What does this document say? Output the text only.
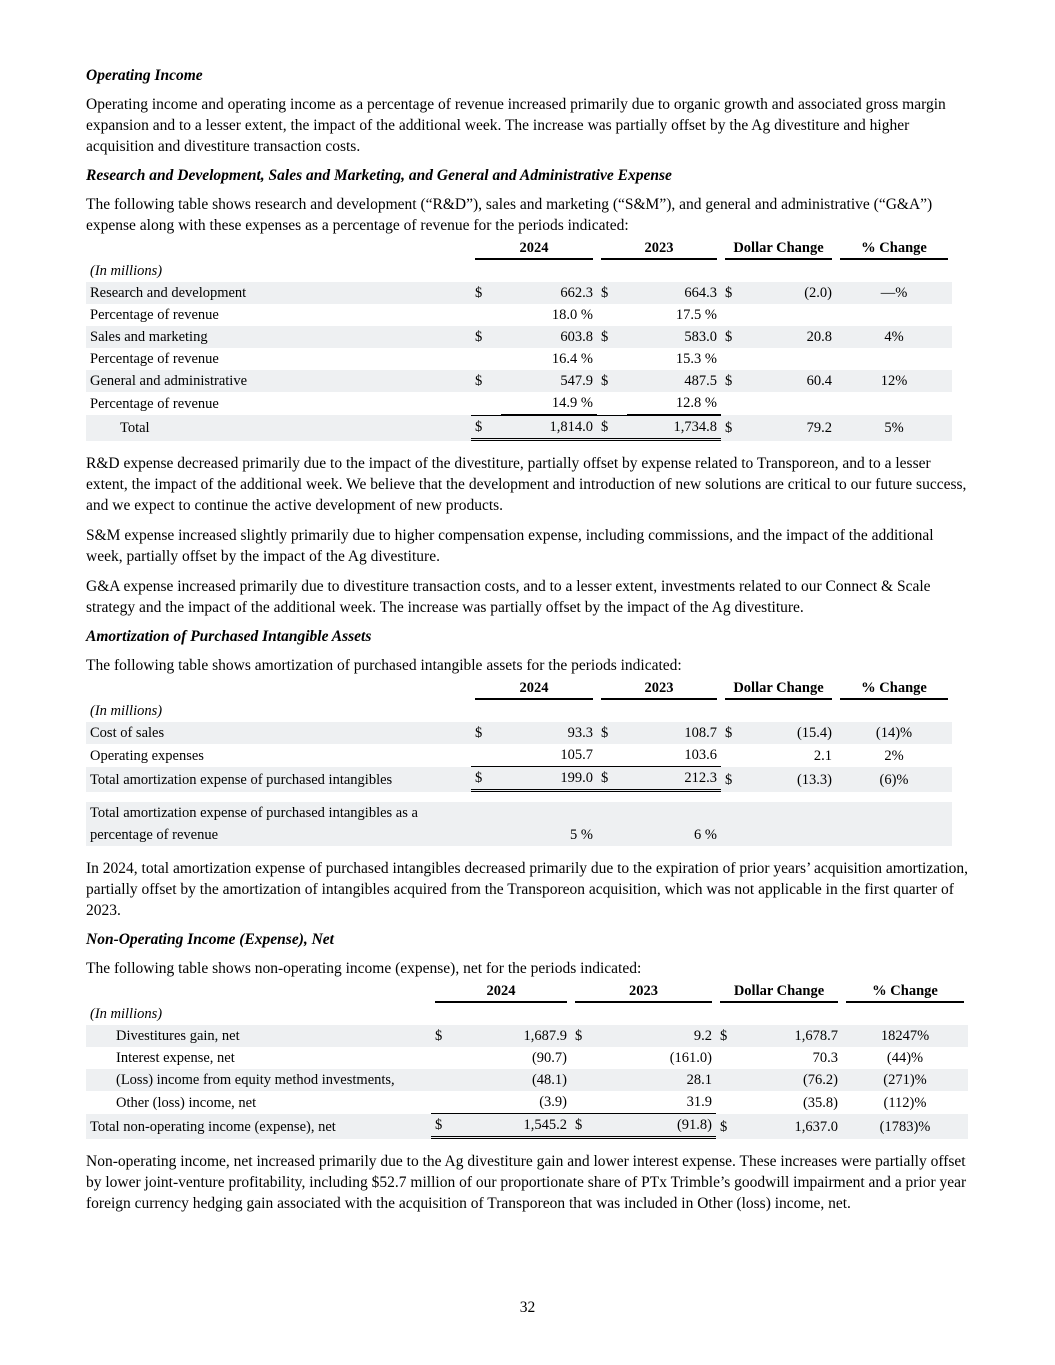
Operating Income

Operating income and operating income as a percentage of revenue increased primarily due to organic growth and associated gross margin expansion and to a lesser extent, the impact of the additional week. The increase was partially offset by the Ag divestiture and higher acquisition and divestiture transaction costs.

Research and Development, Sales and Marketing, and General and Administrative Expense

The following table shows research and development (“R&D”), sales and marketing (“S&M”), and general and administrative (“G&A”) expense along with these expenses as a percentage of revenue for the periods indicated:

	2024		2023		Dollar Change		% Change

(In millions)							
Research and development	$	662.3	$	664.3	$	(2.0)	—%
Percentage of revenue		18.0 %		17.5 %			
Sales and marketing	$	603.8	$	583.0	$	20.8	4%
Percentage of revenue		16.4 %		15.3 %			
General and administrative	$	547.9	$	487.5	$	60.4	12%
Percentage of revenue		14.9 %		12.8 %			
Total	$	1,814.0	$	1,734.8	$	79.2	5%

R&D expense decreased primarily due to the impact of the divestiture, partially offset by expense related to Transporeon, and to a lesser extent, the impact of the additional week. We believe that the development and introduction of new solutions are critical to our future success, and we expect to continue the active development of new products.

S&M expense increased slightly primarily due to higher compensation expense, including commissions, and the impact of the additional week, partially offset by the impact of the Ag divestiture.

G&A expense increased primarily due to divestiture transaction costs, and to a lesser extent, investments related to our Connect & Scale strategy and the impact of the additional week. The increase was partially offset by the impact of the Ag divestiture.

Amortization of Purchased Intangible Assets

The following table shows amortization of purchased intangible assets for the periods indicated:

	2024		2023		Dollar Change		% Change

(In millions)							
Cost of sales	$	93.3	$	108.7	$	(15.4)	(14)%
Operating expenses		105.7		103.6		2.1	2%
Total amortization expense of purchased intangibles	$	199.0	$	212.3	$	(13.3)	(6)%

Total amortization expense of purchased intangibles as a
percentage of revenue		5 %		6 %			

In 2024, total amortization expense of purchased intangibles decreased primarily due to the expiration of prior years’ acquisition amortization, partially offset by the amortization of intangibles acquired from the Transporeon acquisition, which was not applicable in the first quarter of 2023.

Non-Operating Income (Expense), Net

The following table shows non-operating income (expense), net for the periods indicated:

	2024		2023		Dollar Change		% Change

(In millions)							
Divestitures gain, net	$	1,687.9	$	9.2	$	1,678.7	18247%
Interest expense, net		(90.7)		(161.0)		70.3	(44)%
(Loss) income from equity method investments,		(48.1)		28.1		(76.2)	(271)%
Other (loss) income, net		(3.9)		31.9		(35.8)	(112)%
Total non-operating income (expense), net	$	1,545.2	$	(91.8)	$	1,637.0	(1783)%

Non-operating income, net increased primarily due to the Ag divestiture gain and lower interest expense. These increases were partially offset by lower joint-venture profitability, including $52.7 million of our proportionate share of PTx Trimble’s goodwill impairment and a prior year foreign currency hedging gain associated with the acquisition of Transporeon that was included in Other (loss) income, net.

32
